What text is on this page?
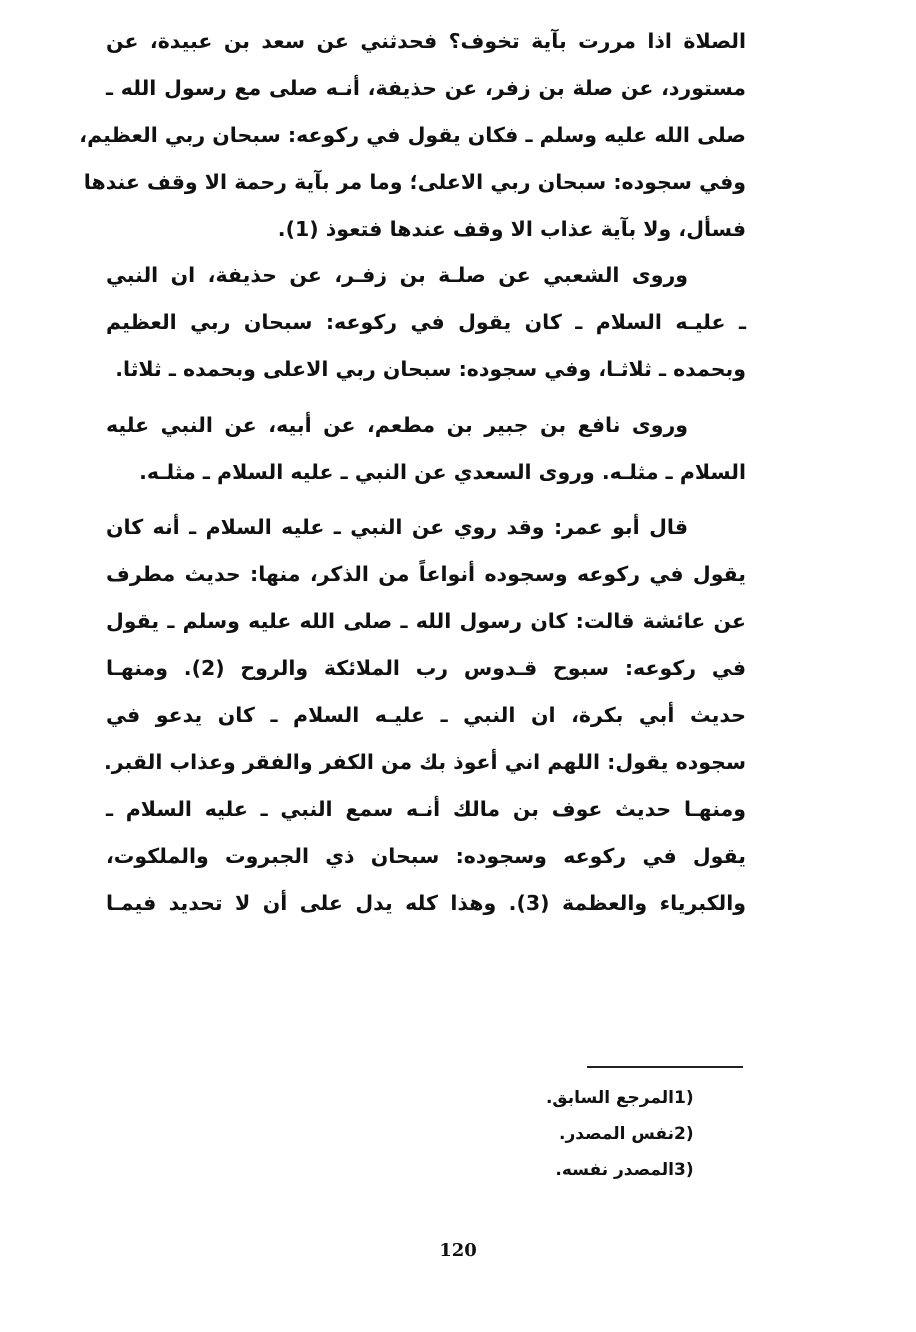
الصلاة اذا مررت بآية تخوف؟ فحدثني عن سعد بن عبيدة، عن
مستورد، عن صلة بن زفر، عن حذيفة، أنـه صلى مع رسول الله ـ
صلى الله عليه وسلم ـ فكان يقول في ركوعه: سبحان ربي العظيم،
وفي سجوده: سبحان ربي الاعلى؛ وما مر بآية رحمة الا وقف عندها
فسأل، ولا بآية عذاب الا وقف عندها فتعوذ (1).
وروى الشعبي عن صلـة بن زفـر، عن حذيفة، ان النبي
ـ عليـه السلام ـ كان يقول في ركوعه: سبحان ربي العظيم
وبحمده ـ ثلاثـا، وفي سجوده: سبحان ربي الاعلى وبحمده ـ ثلاثا.
وروى نافع بن جبير بن مطعم، عن أبيه، عن النبي عليه
السلام ـ مثلـه. وروى السعدي عن النبي ـ عليه السلام ـ مثلـه.
قال أبو عمر: وقد روي عن النبي ـ عليه السلام ـ أنه كان
يقول في ركوعه وسجوده أنواعاً من الذكر، منها: حديث مطرف
عن عائشة قالت: كان رسول الله ـ صلى الله عليه وسلم ـ يقول
في ركوعه: سبوح قـدوس رب الملائكة والروح (2). ومنهـا
حديث أبي بكرة، ان النبي ـ عليـه السلام ـ كان يدعو في
سجوده يقول: اللهم اني أعوذ بك من الكفر والفقر وعذاب القبر.
ومنهـا حديث عوف بن مالك أنـه سمع النبي ـ عليه السلام ـ
يقول في ركوعه وسجوده: سبحان ذي الجبروت والملكوت،
والكبرياء والعظمة (3). وهذا كله يدل على أن لا تحديد فيمـا
1)
المرجع السابق.
2)
نفس المصدر.
3)
المصدر نفسه.
120
